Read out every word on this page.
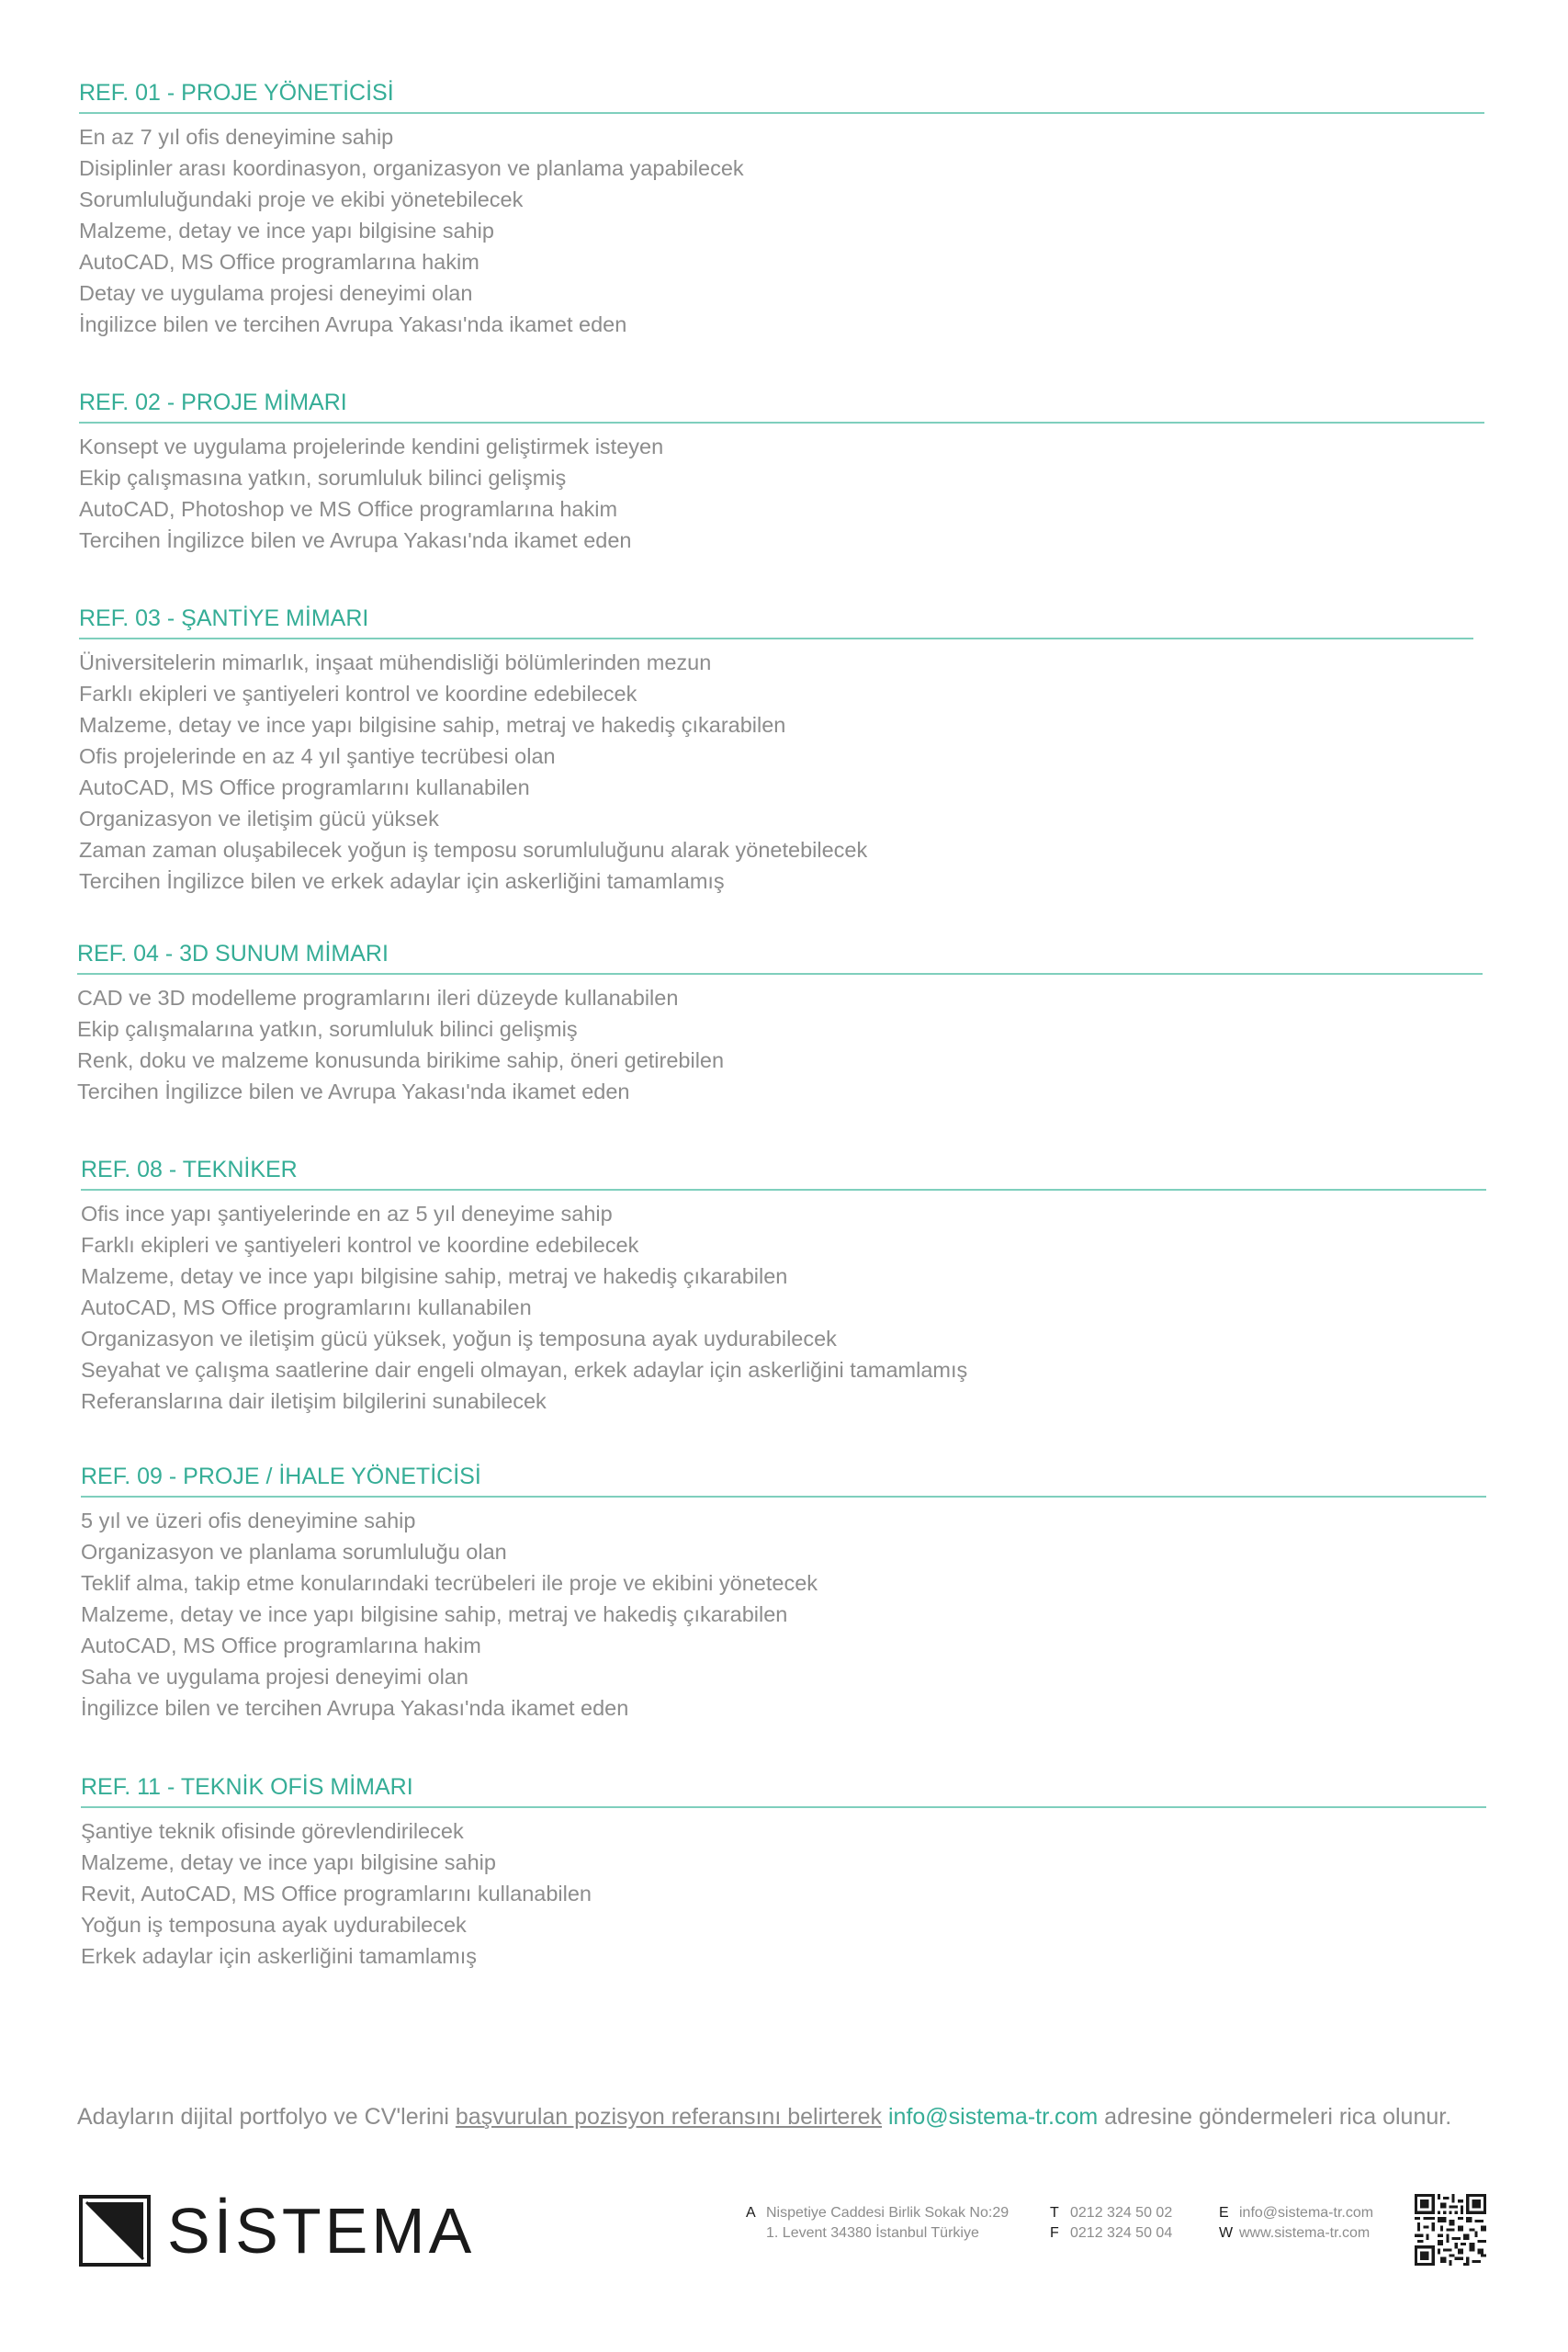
REF. 01 - PROJE YÖNETİCİSİ
En az 7 yıl ofis deneyimine sahip
Disiplinler arası koordinasyon, organizasyon ve planlama yapabilecek
Sorumluluğundaki proje ve ekibi yönetebilecek
Malzeme, detay ve ince yapı bilgisine sahip
AutoCAD, MS Office programlarına hakim
Detay ve uygulama projesi deneyimi olan
İngilizce bilen ve tercihen Avrupa Yakası'nda ikamet eden
REF. 02 - PROJE MİMARI
Konsept ve uygulama projelerinde kendini geliştirmek isteyen
Ekip çalışmasına yatkın, sorumluluk bilinci gelişmiş
AutoCAD, Photoshop ve MS Office programlarına hakim
Tercihen İngilizce bilen ve Avrupa Yakası'nda ikamet eden
REF. 03 - ŞANTİYE MİMARI
Üniversitelerin mimarlık, inşaat mühendisliği bölümlerinden mezun
Farklı ekipleri ve şantiyeleri kontrol ve koordine edebilecek
Malzeme, detay ve ince yapı bilgisine sahip, metraj ve hakediş çıkarabilen
Ofis projelerinde en az 4 yıl şantiye tecrübesi olan
AutoCAD, MS Office programlarını kullanabilen
Organizasyon ve iletişim gücü yüksek
Zaman zaman oluşabilecek yoğun iş temposu sorumluluğunu alarak yönetebilecek
Tercihen İngilizce bilen ve erkek adaylar için askerliğini tamamlamış
REF. 04 - 3D SUNUM MİMARI
CAD ve 3D modelleme programlarını ileri düzeyde kullanabilen
Ekip çalışmalarına yatkın, sorumluluk bilinci gelişmiş
Renk, doku ve malzeme konusunda birikime sahip, öneri getirebilen
Tercihen İngilizce bilen ve Avrupa Yakası'nda ikamet eden
REF. 08 - TEKNİKER
Ofis ince yapı şantiyelerinde en az 5 yıl deneyime sahip
Farklı ekipleri ve şantiyeleri kontrol ve koordine edebilecek
Malzeme, detay ve ince yapı bilgisine sahip, metraj ve hakediş çıkarabilen
AutoCAD, MS Office programlarını kullanabilen
Organizasyon ve iletişim gücü yüksek, yoğun iş temposuna ayak uydurabilecek
Seyahat ve çalışma saatlerine dair engeli olmayan, erkek adaylar için askerliğini tamamlamış
Referanslarına dair iletişim bilgilerini sunabilecek
REF. 09 - PROJE / İHALE YÖNETİCİSİ
5 yıl ve üzeri ofis deneyimine sahip
Organizasyon ve planlama sorumluluğu olan
Teklif alma, takip etme konularındaki tecrübeleri ile proje ve ekibini yönetecek
Malzeme, detay ve ince yapı bilgisine sahip, metraj ve hakediş çıkarabilen
AutoCAD, MS Office programlarına hakim
Saha ve uygulama projesi deneyimi olan
İngilizce bilen ve tercihen Avrupa Yakası'nda ikamet eden
REF. 11 - TEKNİK OFİS MİMARI
Şantiye teknik ofisinde görevlendirilecek
Malzeme, detay ve ince yapı bilgisine sahip
Revit, AutoCAD, MS Office programlarını kullanabilen
Yoğun iş temposuna ayak uydurabilecek
Erkek adaylar için askerliğini tamamlamış
Adayların dijital portfolyo ve CV'lerini başvurulan pozisyon referansını belirterek info@sistema-tr.com adresine göndermeleri rica olunur.
SİSTEMA	A Nispetiye Caddesi Birlik Sokak No:29
1. Levent 34380 İstanbul Türkiye
T 0212 324 50 02
F 0212 324 50 04
E info@sistema-tr.com
W www.sistema-tr.com
